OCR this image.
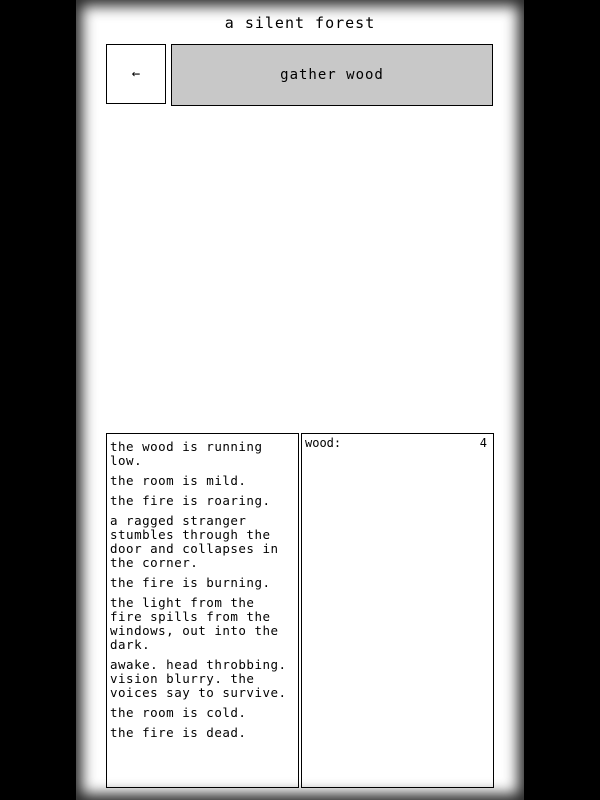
a silent forest
←	gather wood
the wood is running low.
the room is mild.
the fire is roaring.
a ragged stranger stumbles through the door and collapses in the corner.
the fire is burning.
the light from the fire spills from the windows, out into the dark.
awake. head throbbing. vision blurry. the voices say to survive.
the room is cold.
the fire is dead.
wood:	4
